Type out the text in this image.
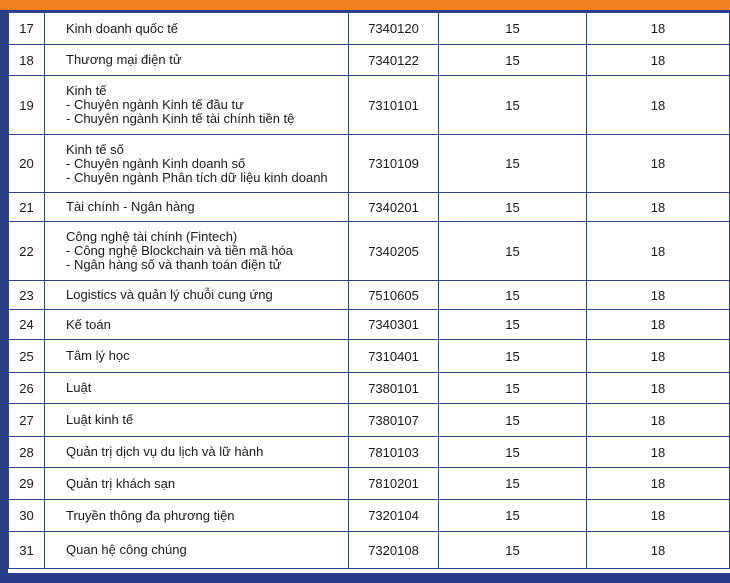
17	Kinh doanh quốc tế	7340120	15	18
18	Thương mại điện tử	7340122	15	18
19	Kinh tế
- Chuyên ngành Kinh tế đầu tư
- Chuyên ngành Kinh tế tài chính tiền tệ	7310101	15	18
20	Kinh tế số
- Chuyên ngành Kinh doanh số
- Chuyên ngành Phân tích dữ liệu kinh doanh	7310109	15	18
21	Tài chính - Ngân hàng	7340201	15	18
22	Công nghệ tài chính (Fintech)
- Công nghệ Blockchain và tiền mã hóa
- Ngân hàng số và thanh toán điện tử	7340205	15	18
23	Logistics và quản lý chuỗi cung ứng	7510605	15	18
24	Kế toán	7340301	15	18
25	Tâm lý học	7310401	15	18
26	Luật	7380101	15	18
27	Luật kinh tế	7380107	15	18
28	Quản trị dịch vụ du lịch và lữ hành	7810103	15	18
29	Quản trị khách sạn	7810201	15	18
30	Truyền thông đa phương tiện	7320104	15	18
31	Quan hệ công chúng	7320108	15	18
